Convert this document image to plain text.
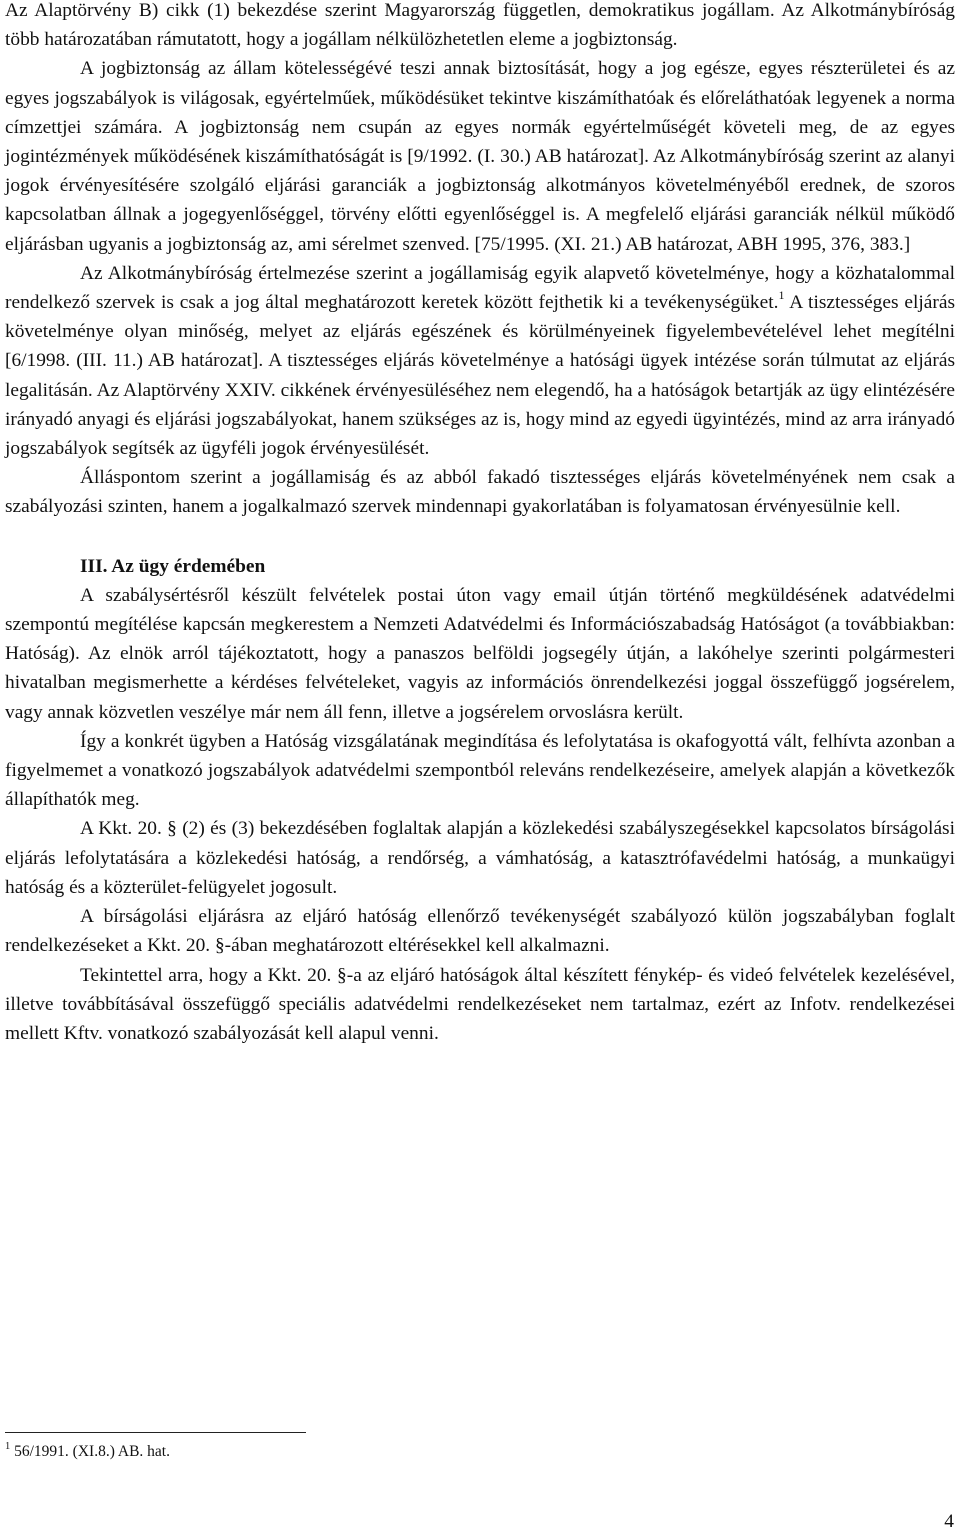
Az Alaptörvény B) cikk (1) bekezdése szerint Magyarország független, demokratikus jogállam. Az Alkotmánybíróság több határozatában rámutatott, hogy a jogállam nélkülözhetetlen eleme a jogbiztonság.

A jogbiztonság az állam kötelességévé teszi annak biztosítását, hogy a jog egésze, egyes részterületei és az egyes jogszabályok is világosak, egyértelműek, működésüket tekintve kiszámíthatóak és előreláthatóak legyenek a norma címzettjei számára. A jogbiztonság nem csupán az egyes normák egyértelműségét követeli meg, de az egyes jogintézmények működésének kiszámíthatóságát is [9/1992. (I. 30.) AB határozat]. Az Alkotmánybíróság szerint az alanyi jogok érvényesítésére szolgáló eljárási garanciák a jogbiztonság alkotmányos követelményéből erednek, de szoros kapcsolatban állnak a jogegyenlőséggel, törvény előtti egyenlőséggel is. A megfelelő eljárási garanciák nélkül működő eljárásban ugyanis a jogbiztonság az, ami sérelmet szenved. [75/1995. (XI. 21.) AB határozat, ABH 1995, 376, 383.]

Az Alkotmánybíróság értelmezése szerint a jogállamiság egyik alapvető követelménye, hogy a közhatalommal rendelkező szervek is csak a jog által meghatározott keretek között fejthetik ki a tevékenységüket.$^1$ A tisztességes eljárás követelménye olyan minőség, melyet az eljárás egészének és körülményeinek figyelembevételével lehet megítélni [6/1998. (III. 11.) AB határozat]. A tisztességes eljárás követelménye a hatósági ügyek intézése során túlmutat az eljárás legalitásán. Az Alaptörvény XXIV. cikkének érvényesüléséhez nem elegendő, ha a hatóságok betartják az ügy elintézésére irányadó anyagi és eljárási jogszabályokat, hanem szükséges az is, hogy mind az egyedi ügyintézés, mind az arra irányadó jogszabályok segítsék az ügyféli jogok érvényesülését.

Álláspontom szerint a jogállamiság és az abból fakadó tisztességes eljárás követelményének nem csak a szabályozási szinten, hanem a jogalkalmazó szervek mindennapi gyakorlatában is folyamatosan érvényesülnie kell.

III. Az ügy érdemében

A szabálysértésről készült felvételek postai úton vagy email útján történő megküldésének adatvédelmi szempontú megítélése kapcsán megkerestem a Nemzeti Adatvédelmi és Információszabadság Hatóságot (a továbbiakban: Hatóság). Az elnök arról tájékoztatott, hogy a panaszos belföldi jogsegély útján, a lakóhelye szerinti polgármesteri hivatalban megismerhette a kérdéses felvételeket, vagyis az információs önrendelkezési joggal összefüggő jogsérelem, vagy annak közvetlen veszélye már nem áll fenn, illetve a jogsérelem orvoslásra került.

Így a konkrét ügyben a Hatóság vizsgálatának megindítása és lefolytatása is okafogyottá vált, felhívta azonban a figyelmemet a vonatkozó jogszabályok adatvédelmi szempontból releváns rendelkezéseire, amelyek alapján a következők állapíthatók meg.

A Kkt. 20. § (2) és (3) bekezdésében foglaltak alapján a közlekedési szabályszegésekkel kapcsolatos bírságolási eljárás lefolytatására a közlekedési hatóság, a rendőrség, a vámhatóság, a katasztrófavédelmi hatóság, a munkaügyi hatóság és a közterület-felügyelet jogosult.

A bírságolási eljárásra az eljáró hatóság ellenőrző tevékenységét szabályozó külön jogszabályban foglalt rendelkezéseket a Kkt. 20. §-ában meghatározott eltérésekkel kell alkalmazni.

Tekintettel arra, hogy a Kkt. 20. §-a az eljáró hatóságok által készített fénykép- és videó felvételek kezelésével, illetve továbbításával összefüggő speciális adatvédelmi rendelkezéseket nem tartalmaz, ezért az Infotv. rendelkezései mellett Kftv. vonatkozó szabályozását kell alapul venni.

$^1$ 56/1991. (XI.8.) AB. hat.
4
